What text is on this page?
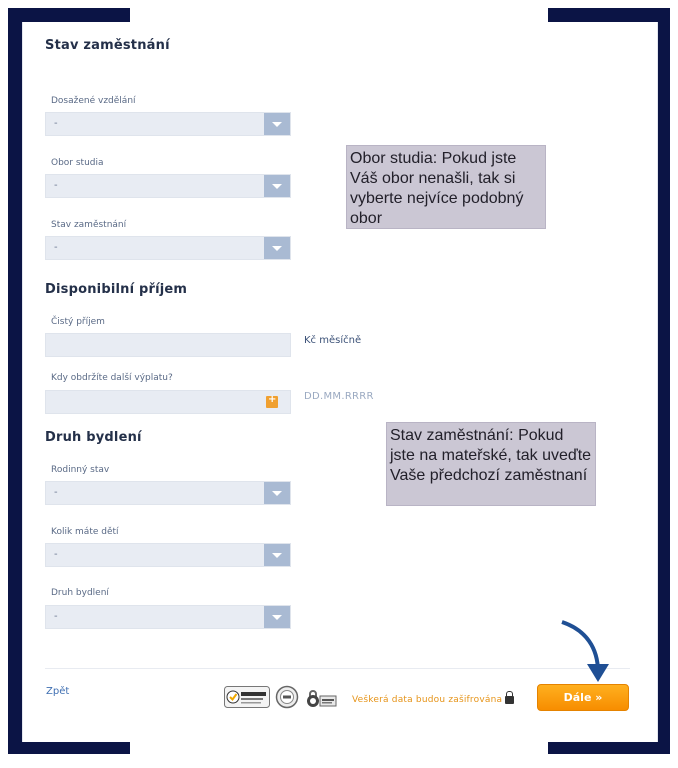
Stav zaměstnání
Dosažené vzdělání
-
Obor studia
-
Stav zaměstnání
-
Obor studia: Pokud jste Váš obor nenašli, tak si vyberte nejvíce podobný obor
Disponibilní příjem
Čistý příjem
Kč měsíčně
Kdy obdržíte další výplatu?
+
DD.MM.RRRR
Druh bydlení
Rodinný stav
-
Kolik máte dětí
-
Druh bydlení
-
Stav zaměstnání: Pokud jste na mateřské, tak uveďte Vaše předchozí zaměstnaní
Zpět
Veškerá data budou zašifrována	Dále »
